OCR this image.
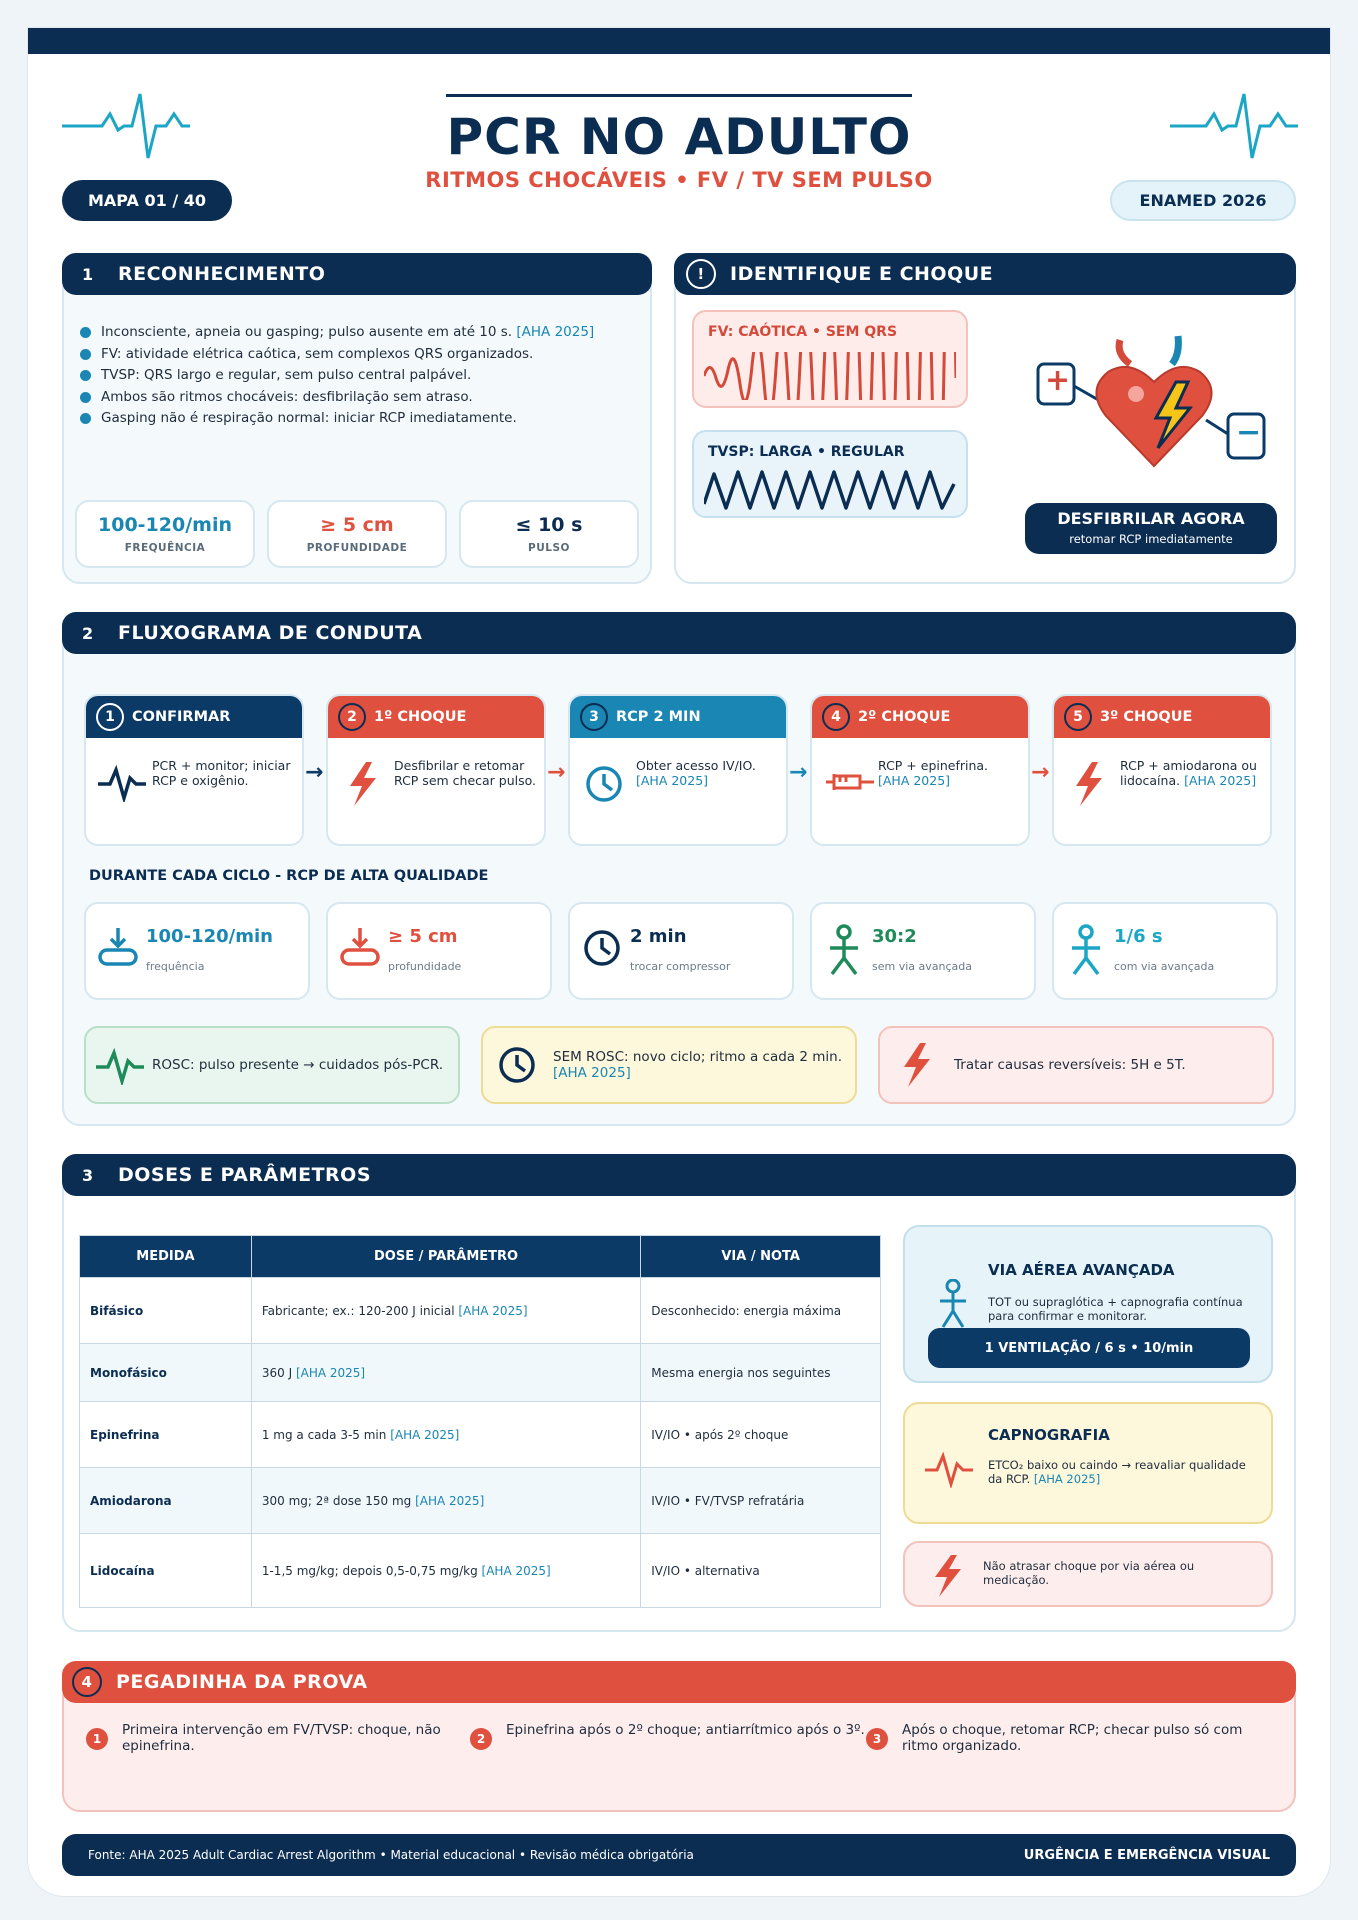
PCR NO ADULTO
RITMOS CHOCÁVEIS • FV / TV SEM PULSO
MAPA 01 / 40	ENAMED 2026
1	RECONHECIMENTO
Inconsciente, apneia ou gasping; pulso ausente em até 10 s.
[AHA 2025]
FV: atividade elétrica caótica, sem complexos QRS organizados.
TVSP: QRS largo e regular, sem pulso central palpável.
Ambos são ritmos chocáveis: desfibrilação sem atraso.
Gasping não é respiração normal: iniciar RCP imediatamente.
100-120/min
FREQUÊNCIA
≥ 5 cm
PROFUNDIDADE
≤ 10 s
PULSO
!	IDENTIFIQUE E CHOQUE
FV: CAÓTICA • SEM QRS
TVSP: LARGA • REGULAR
+
−
DESFIBRILAR AGORA
retomar RCP imediatamente
2	FLUXOGRAMA DE CONDUTA
1	CONFIRMAR
PCR + monitor; iniciar RCP e oxigênio.	→
2	1º CHOQUE
Desfibrilar e retomar RCP sem checar pulso. →
3	RCP 2 MIN
Obter acesso IV/IO.
[AHA 2025]	→
4	2º CHOQUE
RCP + epinefrina.
[AHA 2025]	→
5	3º CHOQUE
RCP + amiodarona ou lidocaína. [AHA 2025]
DURANTE CADA CICLO - RCP DE ALTA QUALIDADE
100-120/min
frequência
≥ 5 cm
profundidade
2 min
trocar compressor
30:2
sem via avançada
1/6 s
com via avançada
ROSC: pulso presente → cuidados pós-PCR.	SEM ROSC: novo ciclo; ritmo a cada 2 min.
[AHA 2025]	Tratar causas reversíveis: 5H e 5T.
3	DOSES E PARÂMETROS
MEDIDA	DOSE / PARÂMETRO	VIA / NOTA
Bifásico	Fabricante; ex.: 120-200 J inicial [AHA 2025]	Desconhecido: energia máxima
Monofásico	360 J [AHA 2025]	Mesma energia nos seguintes
Epinefrina	1 mg a cada 3-5 min [AHA 2025]	IV/IO • após 2º choque
Amiodarona	300 mg; 2ª dose 150 mg [AHA 2025]	IV/IO • FV/TVSP refratária
Lidocaína	1-1,5 mg/kg; depois 0,5-0,75 mg/kg [AHA 2025]	IV/IO • alternativa
VIA AÉREA AVANÇADA
TOT ou supraglótica + capnografia contínua para confirmar e monitorar.
1 VENTILAÇÃO / 6 s • 10/min
CAPNOGRAFIA
ETCO₂ baixo ou caindo → reavaliar qualidade da RCP. [AHA 2025]
Não atrasar choque por via aérea ou medicação.
4	PEGADINHA DA PROVA
1
Primeira intervenção em FV/TVSP: choque, não epinefrina.	2
Epinefrina após o 2º choque; antiarrítmico após o 3º.
3
Após o choque, retomar RCP; checar pulso só com ritmo organizado.
Fonte: AHA 2025 Adult Cardiac Arrest Algorithm • Material educacional • Revisão médica obrigatória	URGÊNCIA E EMERGÊNCIA VISUAL
